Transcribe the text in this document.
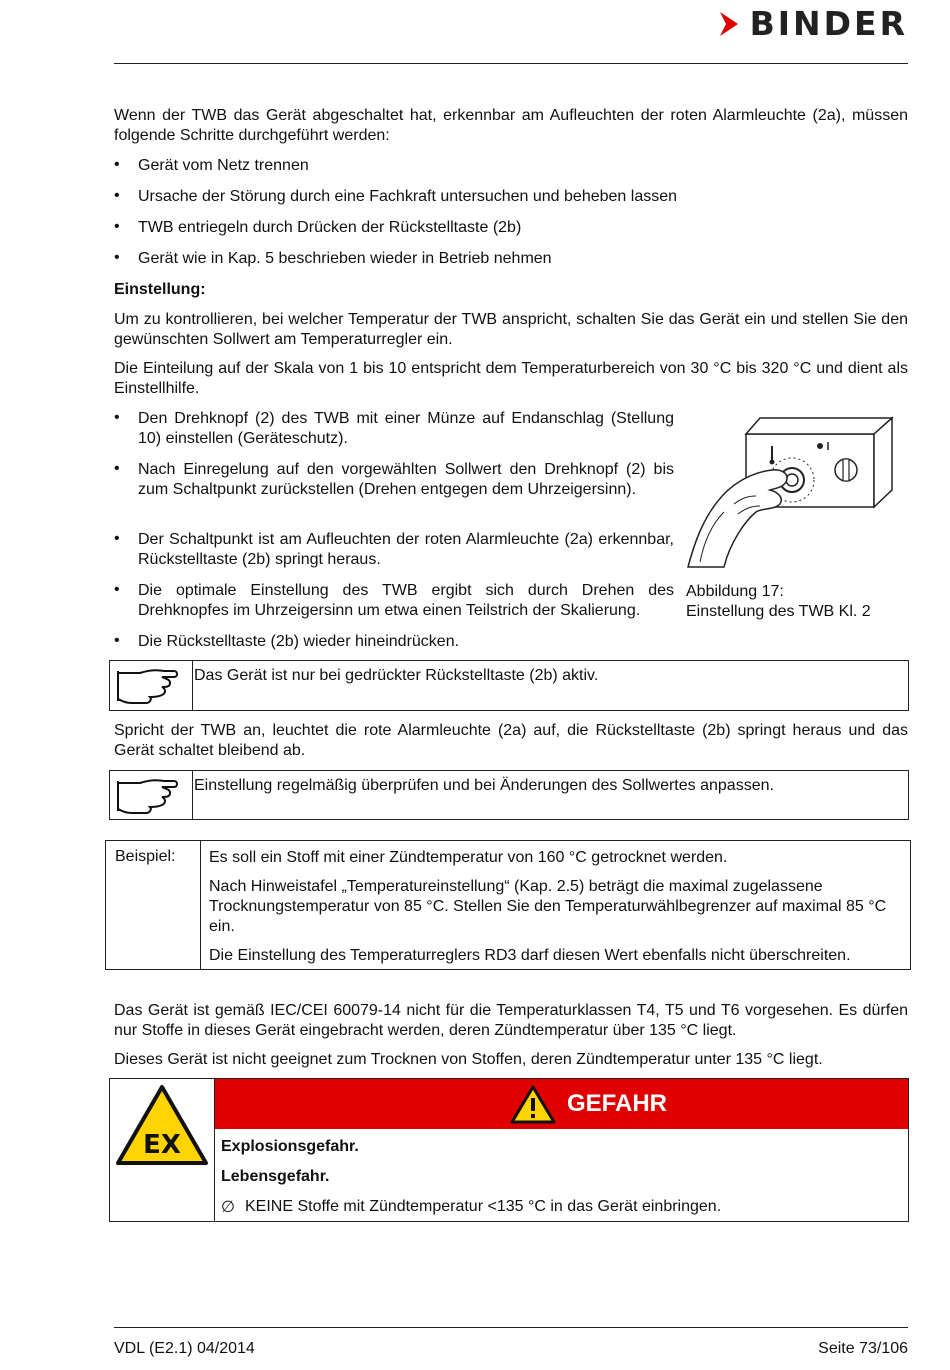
BINDER

Wenn der TWB das Gerät abgeschaltet hat, erkennbar am Aufleuchten der roten Alarmleuchte (2a), müssen folgende Schritte durchgeführt werden:

•	Gerät vom Netz trennen
•	Ursache der Störung durch eine Fachkraft untersuchen und beheben lassen
•	TWB entriegeln durch Drücken der Rückstelltaste (2b)
•	Gerät wie in Kap. 5 beschrieben wieder in Betrieb nehmen

Einstellung:

Um zu kontrollieren, bei welcher Temperatur der TWB anspricht, schalten Sie das Gerät ein und stellen Sie den gewünschten Sollwert am Temperaturregler ein.

Die Einteilung auf der Skala von 1 bis 10 entspricht dem Temperaturbereich von 30 °C bis 320 °C und dient als Einstellhilfe.

•	Den Drehknopf (2) des TWB mit einer Münze auf Endanschlag (Stellung 10) einstellen (Geräteschutz).
•	Nach Einregelung auf den vorgewählten Sollwert den Drehknopf (2) bis zum Schaltpunkt zurückstellen (Drehen entgegen dem Uhrzeigersinn).
•	Der Schaltpunkt ist am Aufleuchten der roten Alarmleuchte (2a) erkennbar, Rückstelltaste (2b) springt heraus.
•	Die optimale Einstellung des TWB ergibt sich durch Drehen des Drehknopfes im Uhrzeigersinn um etwa einen Teilstrich der Skalierung.
•	Die Rückstelltaste (2b) wieder hineindrücken.

Abbildung 17:

Einstellung des TWB Kl. 2

Das Gerät ist nur bei gedrückter Rückstelltaste (2b) aktiv.

Spricht der TWB an, leuchtet die rote Alarmleuchte (2a) auf, die Rückstelltaste (2b) springt heraus und das Gerät schaltet bleibend ab.

Einstellung regelmäßig überprüfen und bei Änderungen des Sollwertes anpassen.
Beispiel: Es soll ein Stoff mit einer Zündtemperatur von 160 °C getrocknet werden.

Nach Hinweistafel „Temperatureinstellung“ (Kap. 2.5) beträgt die maximal zugelassene Trocknungstemperatur von 85 °C. Stellen Sie den Temperaturwählbegrenzer auf maximal 85 °C ein.

Die Einstellung des Temperaturreglers RD3 darf diesen Wert ebenfalls nicht überschreiten.

Das Gerät ist gemäß IEC/CEI 60079-14 nicht für die Temperaturklassen T4, T5 und T6 vorgesehen. Es dürfen nur Stoffe in dieses Gerät eingebracht werden, deren Zündtemperatur über 135 °C liegt.

Dieses Gerät ist nicht geeignet zum Trocknen von Stoffen, deren Zündtemperatur unter 135 °C liegt.

EX
GEFAHR

Explosionsgefahr.

Lebensgefahr.

∅ KEINE Stoffe mit Zündtemperatur <135 °C in das Gerät einbringen.

VDL (E2.1) 04/2014	Seite 73/106
